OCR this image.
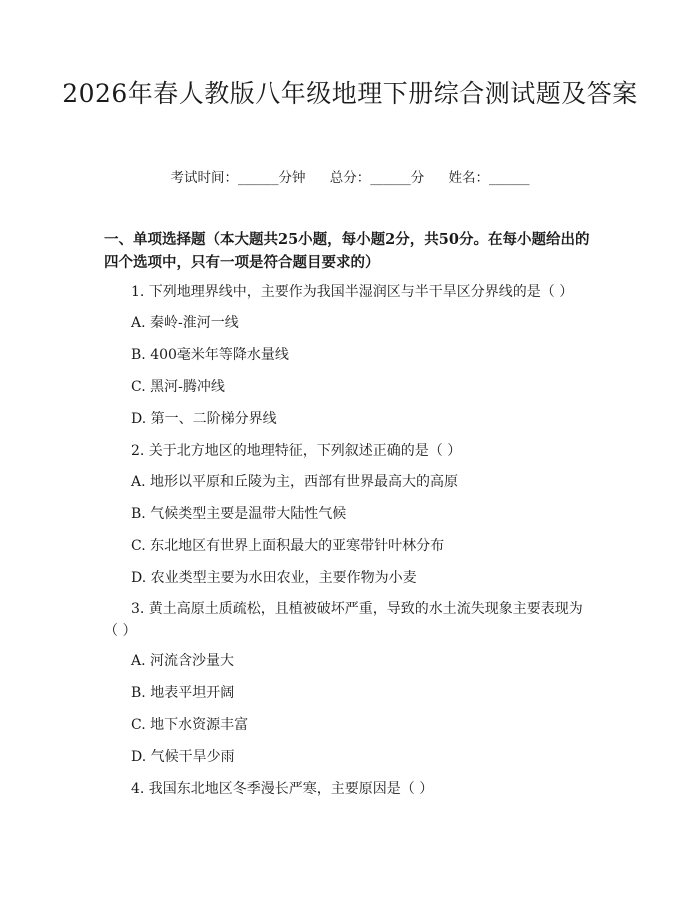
2026年春人教版八年级地理下册综合测试题及答案
考试时间：______分钟 总分：______分 姓名：______

一、单项选择题（本大题共25小题，每小题2分，共50分。在每小题给出的四个选项中，只有一项是符合题目要求的）

1. 下列地理界线中，主要作为我国半湿润区与半干旱区分界线的是（ ）
A. 秦岭-淮河一线
B. 400毫米年等降水量线
C. 黑河-腾冲线
D. 第一、二阶梯分界线
2. 关于北方地区的地理特征，下列叙述正确的是（ ）
A. 地形以平原和丘陵为主，西部有世界最高大的高原
B. 气候类型主要是温带大陆性气候
C. 东北地区有世界上面积最大的亚寒带针叶林分布
D. 农业类型主要为水田农业，主要作物为小麦
3. 黄土高原土质疏松，且植被破坏严重，导致的水土流失现象主要表现为（ ）
A. 河流含沙量大
B. 地表平坦开阔
C. 地下水资源丰富
D. 气候干旱少雨
4. 我国东北地区冬季漫长严寒，主要原因是（ ）
